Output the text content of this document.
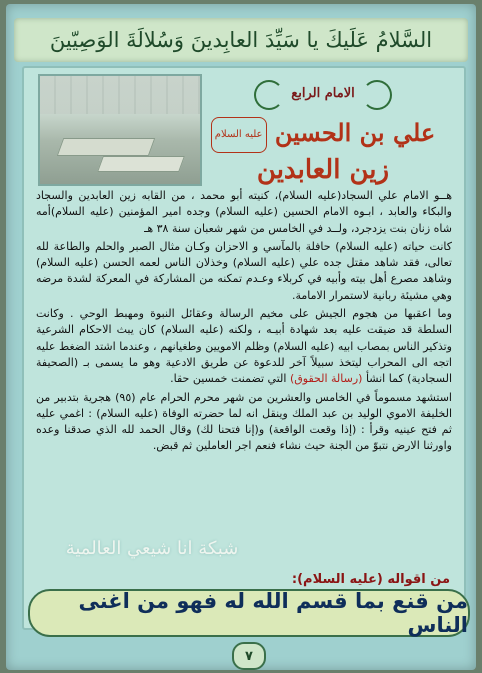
السَّلامُ عَلَيكَ يا سَيِّدَ العابِدينَ وَسُلالَةَ الوَصِيّينَ
الامام الرابع
علي بن الحسين عليه السلام
زين العابدين

هــو الامام علي السجاد(عليه السلام)، كنيته أبو محمد ، من القابه زين العابدين والسجاد والبكاء والعابد ، ابـوه الامام الحسين (عليه السلام) وجده امير المؤمنين (عليه السلام)أمه شاه زنان بنت يزدجرد، ولــد في الخامس من شهر شعبان سنة ٣٨ هـ

كانت حياته (عليه السلام) حافلة بالمآسي و الاحزان وكـان مثال الصبر والحلم والطاعة لله تعالى، فقد شاهد مقتل جده علي (عليه السلام) وخذلان الناس لعمه الحسن (عليه السلام) وشاهد مصرع أهل بيته وأبيه في كربلاء وعـدم تمكنه من المشاركة في المعركة لشدة مرضه وهي مشيئة ربانية لاستمرار الامامة.

وما اعقبها من هجوم الجيش على مخيم الرسالة وعقائل النبوة ومهبط الوحي . وكانت السلطة قد ضيقت عليه بعد شهادة أبيـه ، ولكنه (عليه السلام) كان يبث الاحكام الشرعية وتذكير الناس بمصاب ابيه (عليه السلام) وظلم الامويين وطغيانهم ، وعندما اشتد الضغط عليه اتجه الى المحراب ليتخذ سبيلاً آخر للدعوة عن طريق الادعية وهو ما يسمى بـ (الصحيفة السجادية) كما انشأ (رسالة الحقوق) التي تضمنت خمسين حقا.

استشهد مسموماً في الخامس والعشرين من شهر محرم الحرام عام (٩٥) هجرية بتدبير من الخليفة الاموي الوليد بن عبد الملك وينقل انه لما حضرته الوفاة (عليه السلام) : اغمي عليه ثم فتح عينيه وقرأ : (إذا وقعت الواقعة) و(إنا فتحنا لك) وقال الحمد لله الذي صدقنا وعده واورثنا الارض نتبوّ من الجنة حيث نشاء فنعم اجر العاملين ثم قبض.

شبكة انا شيعي العالمية
من اقواله (عليه السلام):
من قنع بما قسم الله له فهو من اغنى الناس
٧
